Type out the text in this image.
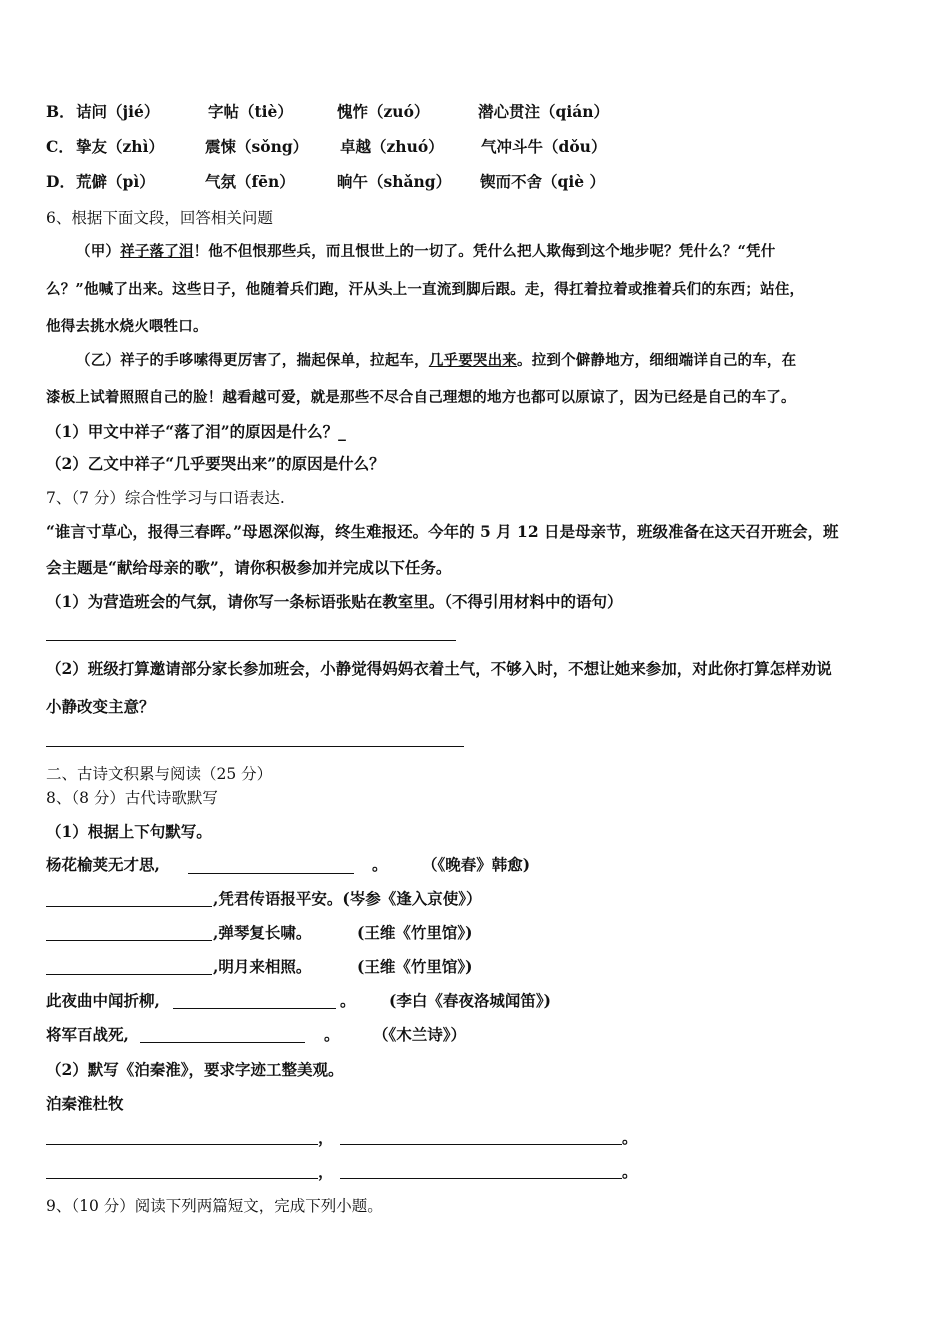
B． 诘问（jié）	字帖（tiè）	愧怍（zuó）	潜心贯注（qián）
C． 挚友（zhì）	震悚（sǒng） 卓越（zhuó） 气冲斗牛（dǒu）
D． 荒僻（pì）	气氛（fēn）	晌午（shǎng） 锲而不舍（qiè ）
6、根据下面文段，回答相关问题
（甲）祥子落了泪！他不但恨那些兵，而且恨世上的一切了。凭什么把人欺侮到这个地步呢？凭什么？“凭什
么？”他喊了出来。这些日子，他随着兵们跑，汗从头上一直流到脚后跟。走，得扛着拉着或推着兵们的东西；站住，
他得去挑水烧火喂牲口。
（乙）祥子的手哆嗦得更厉害了，揣起保单，拉起车，几乎要哭出来。拉到个僻静地方，细细端详自己的车，在
漆板上试着照照自己的脸！越看越可爱，就是那些不尽合自己理想的地方也都可以原谅了，因为已经是自己的车了。
（1）甲文中祥子“落了泪”的原因是什么？_
（2）乙文中祥子“几乎要哭出来”的原因是什么？
7、（7 分）综合性学习与口语表达.
“谁言寸草心，报得三春晖。”母恩深似海，终生难报还。今年的 5 月 12 日是母亲节，班级准备在这天召开班会，班
会主题是“献给母亲的歌”，请你积极参加并完成以下任务。
（1）为营造班会的气氛，请你写一条标语张贴在教室里。（不得引用材料中的语句）
（2）班级打算邀请部分家长参加班会，小静觉得妈妈衣着土气，不够入时，不想让她来参加，对此你打算怎样劝说
小静改变主意？
二、古诗文积累与阅读（25 分）
8、（8 分）古代诗歌默写
（1）根据上下句默写。
杨花榆荚无才思,	。 （《晚春》韩愈)
,凭君传语报平安。(岑参《逢入京使》）
,弹琴复长啸。	(王维《竹里馆》)
,明月来相照。	(王维《竹里馆》)
此夜曲中闻折柳,	。 (李白《春夜洛城闻笛》)
将军百战死,	。 （《木兰诗》）
（2）默写《泊秦淮》，要求字迹工整美观。
泊秦淮杜牧
，	。
，	。
9、（10 分）阅读下列两篇短文，完成下列小题。
